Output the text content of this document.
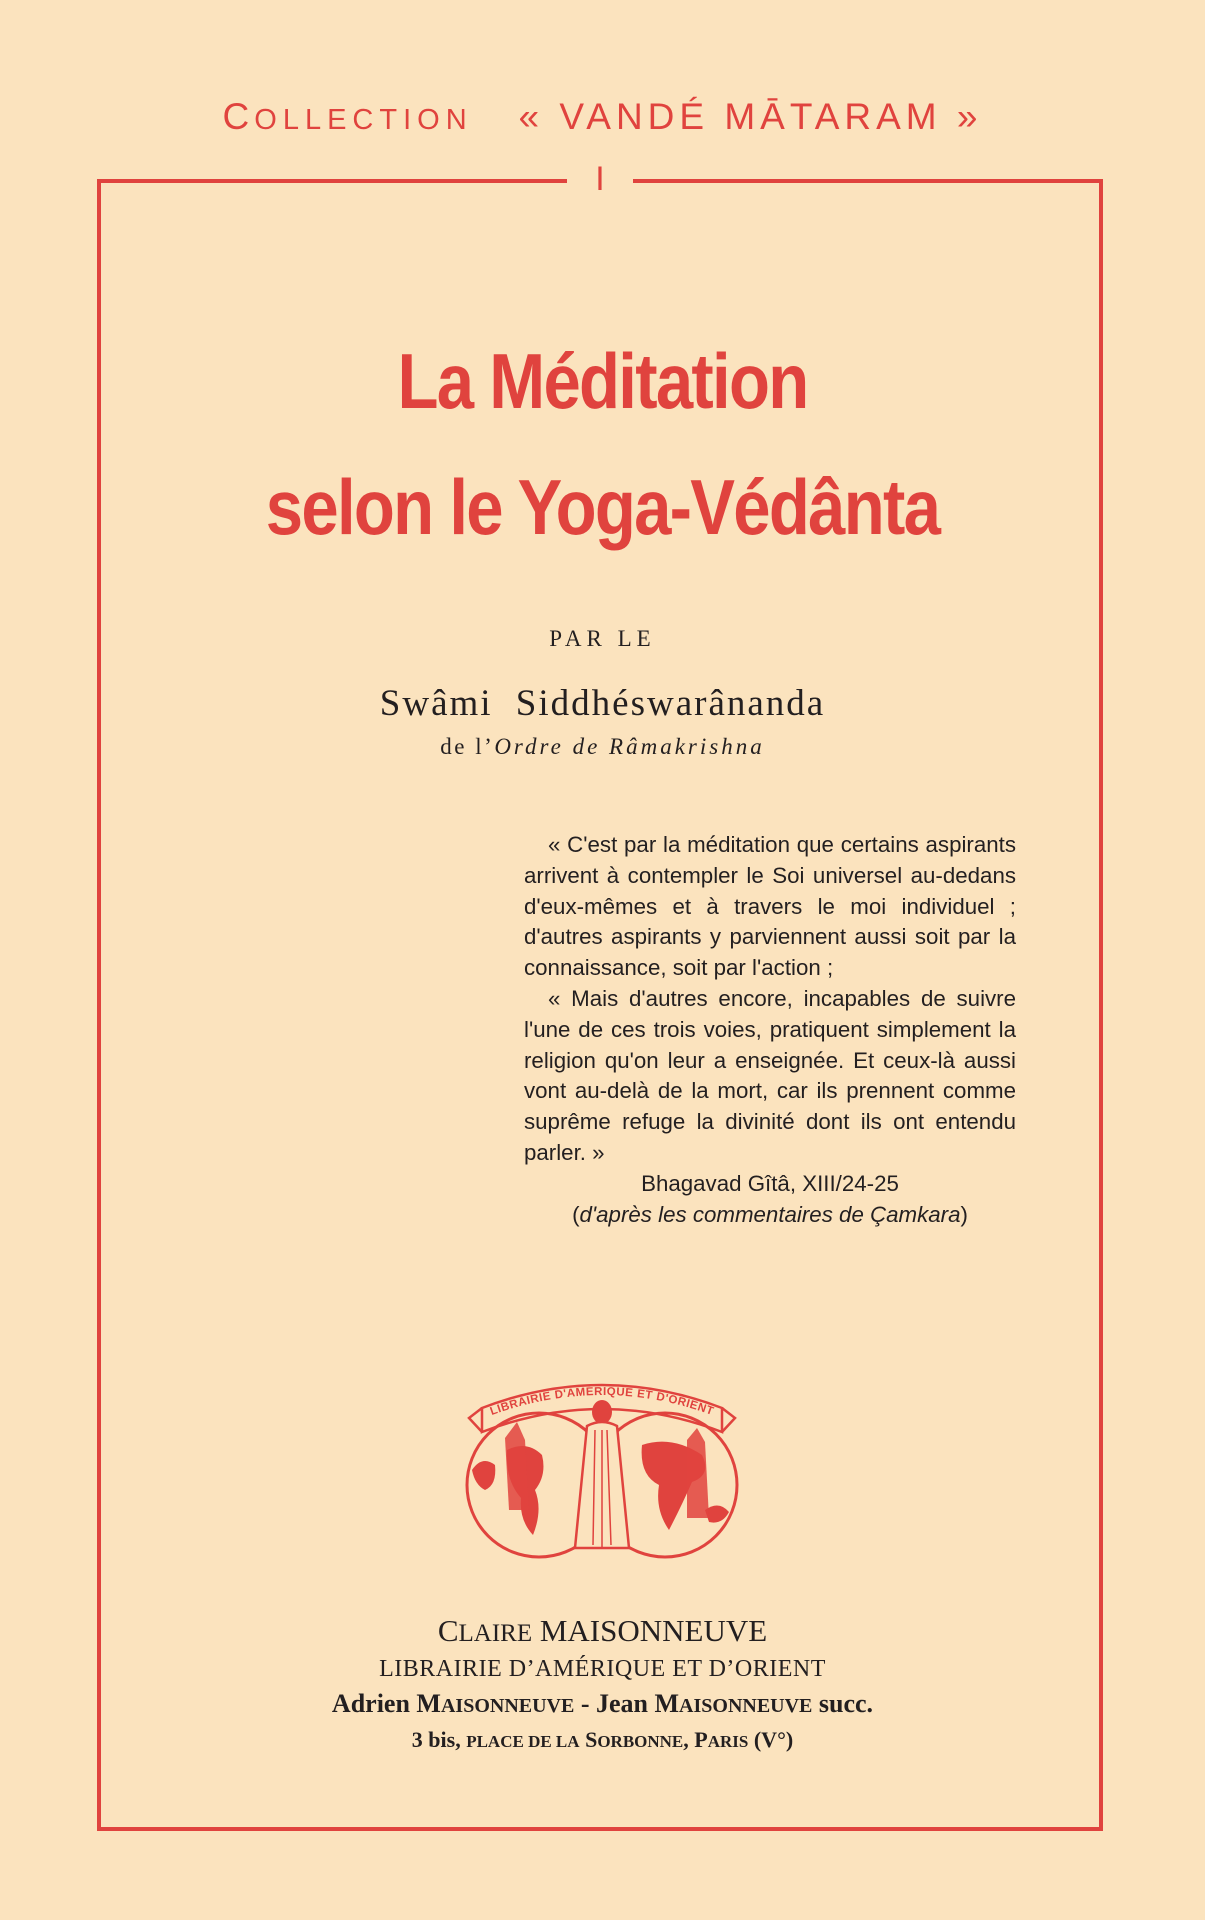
COLLECTION « VANDÉ MĀTARAM »
I
La Méditation
selon le Yoga-Védânta
PAR LE
Swâmi Siddhéswarânanda
de l’Ordre de Râmakrishna

« C'est par la méditation que certains aspirants arrivent à contempler le Soi universel au-dedans d'eux-mêmes et à travers le moi individuel ; d'autres aspirants y parviennent aussi soit par la connaissance, soit par l'action ;

« Mais d'autres encore, incapables de suivre l'une de ces trois voies, pratiquent simplement la religion qu'on leur a enseignée. Et ceux-là aussi vont au-delà de la mort, car ils prennent comme suprême refuge la divinité dont ils ont entendu parler. »

Bhagavad Gîtâ, XIII/24-25

(d'après les commentaires de Çamkara)

LIBRAIRIE D'AMÉRIQUE ET D'ORIENT
CLAIRE MAISONNEUVE
LIBRAIRIE D’AMÉRIQUE ET D’ORIENT
Adrien MAISONNEUVE - Jean MAISONNEUVE succ.
3 bis, PLACE DE LA SORBONNE, PARIS (V°)
